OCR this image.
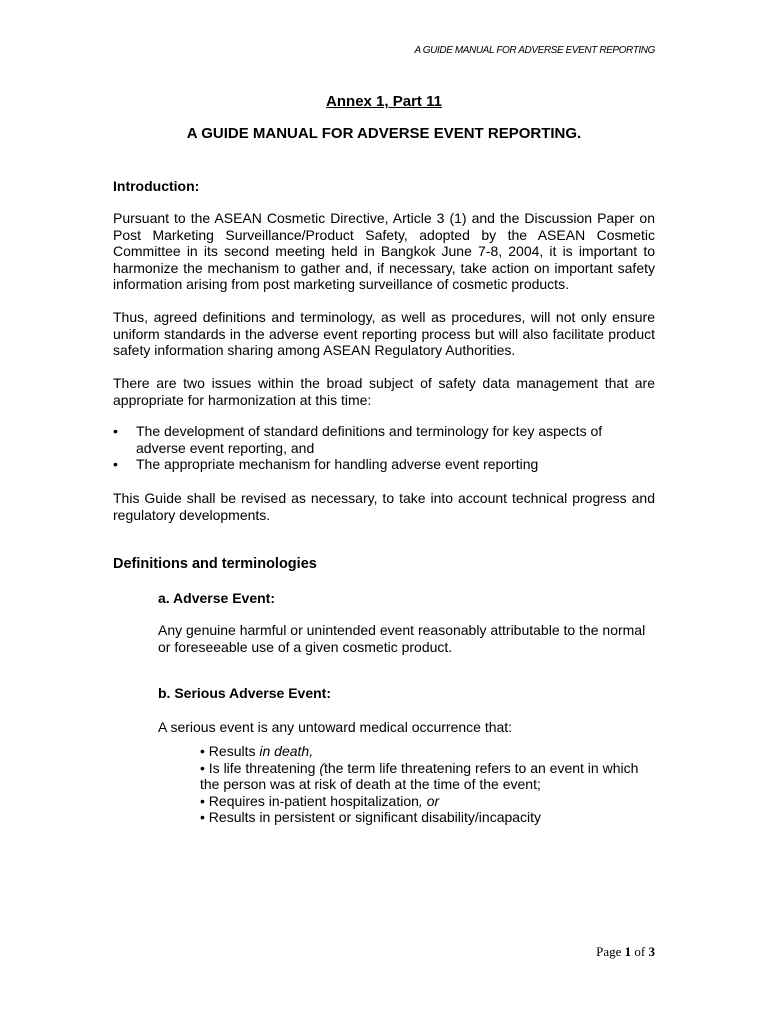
A GUIDE MANUAL FOR ADVERSE EVENT REPORTING
Annex 1, Part 11
A GUIDE MANUAL FOR ADVERSE EVENT REPORTING.
Introduction:
Pursuant to the ASEAN Cosmetic Directive, Article 3 (1) and the Discussion Paper on Post Marketing Surveillance/Product Safety, adopted by the ASEAN Cosmetic Committee in its second meeting held in Bangkok June 7-8, 2004, it is important to harmonize the mechanism to gather and, if necessary, take action on important safety information arising from post marketing surveillance of cosmetic products.
Thus, agreed definitions and terminology, as well as procedures, will not only ensure uniform standards in the adverse event reporting process but will also facilitate product safety information sharing among ASEAN Regulatory Authorities.
There are two issues within the broad subject of safety data management that are appropriate for harmonization at this time:
• The development of standard definitions and terminology for key aspects of adverse event reporting, and
• The appropriate mechanism for handling adverse event reporting
This Guide shall be revised as necessary, to take into account technical progress and regulatory developments.
Definitions and terminologies
a. Adverse Event:
Any genuine harmful or unintended event reasonably attributable to the normal or foreseeable use of a given cosmetic product.
b. Serious Adverse Event:
A serious event is any untoward medical occurrence that:
• Results in death,
• Is life threatening (the term life threatening refers to an event in which the person was at risk of death at the time of the event;
• Requires in-patient hospitalization, or
• Results in persistent or significant disability/incapacity
Page 1 of 3
